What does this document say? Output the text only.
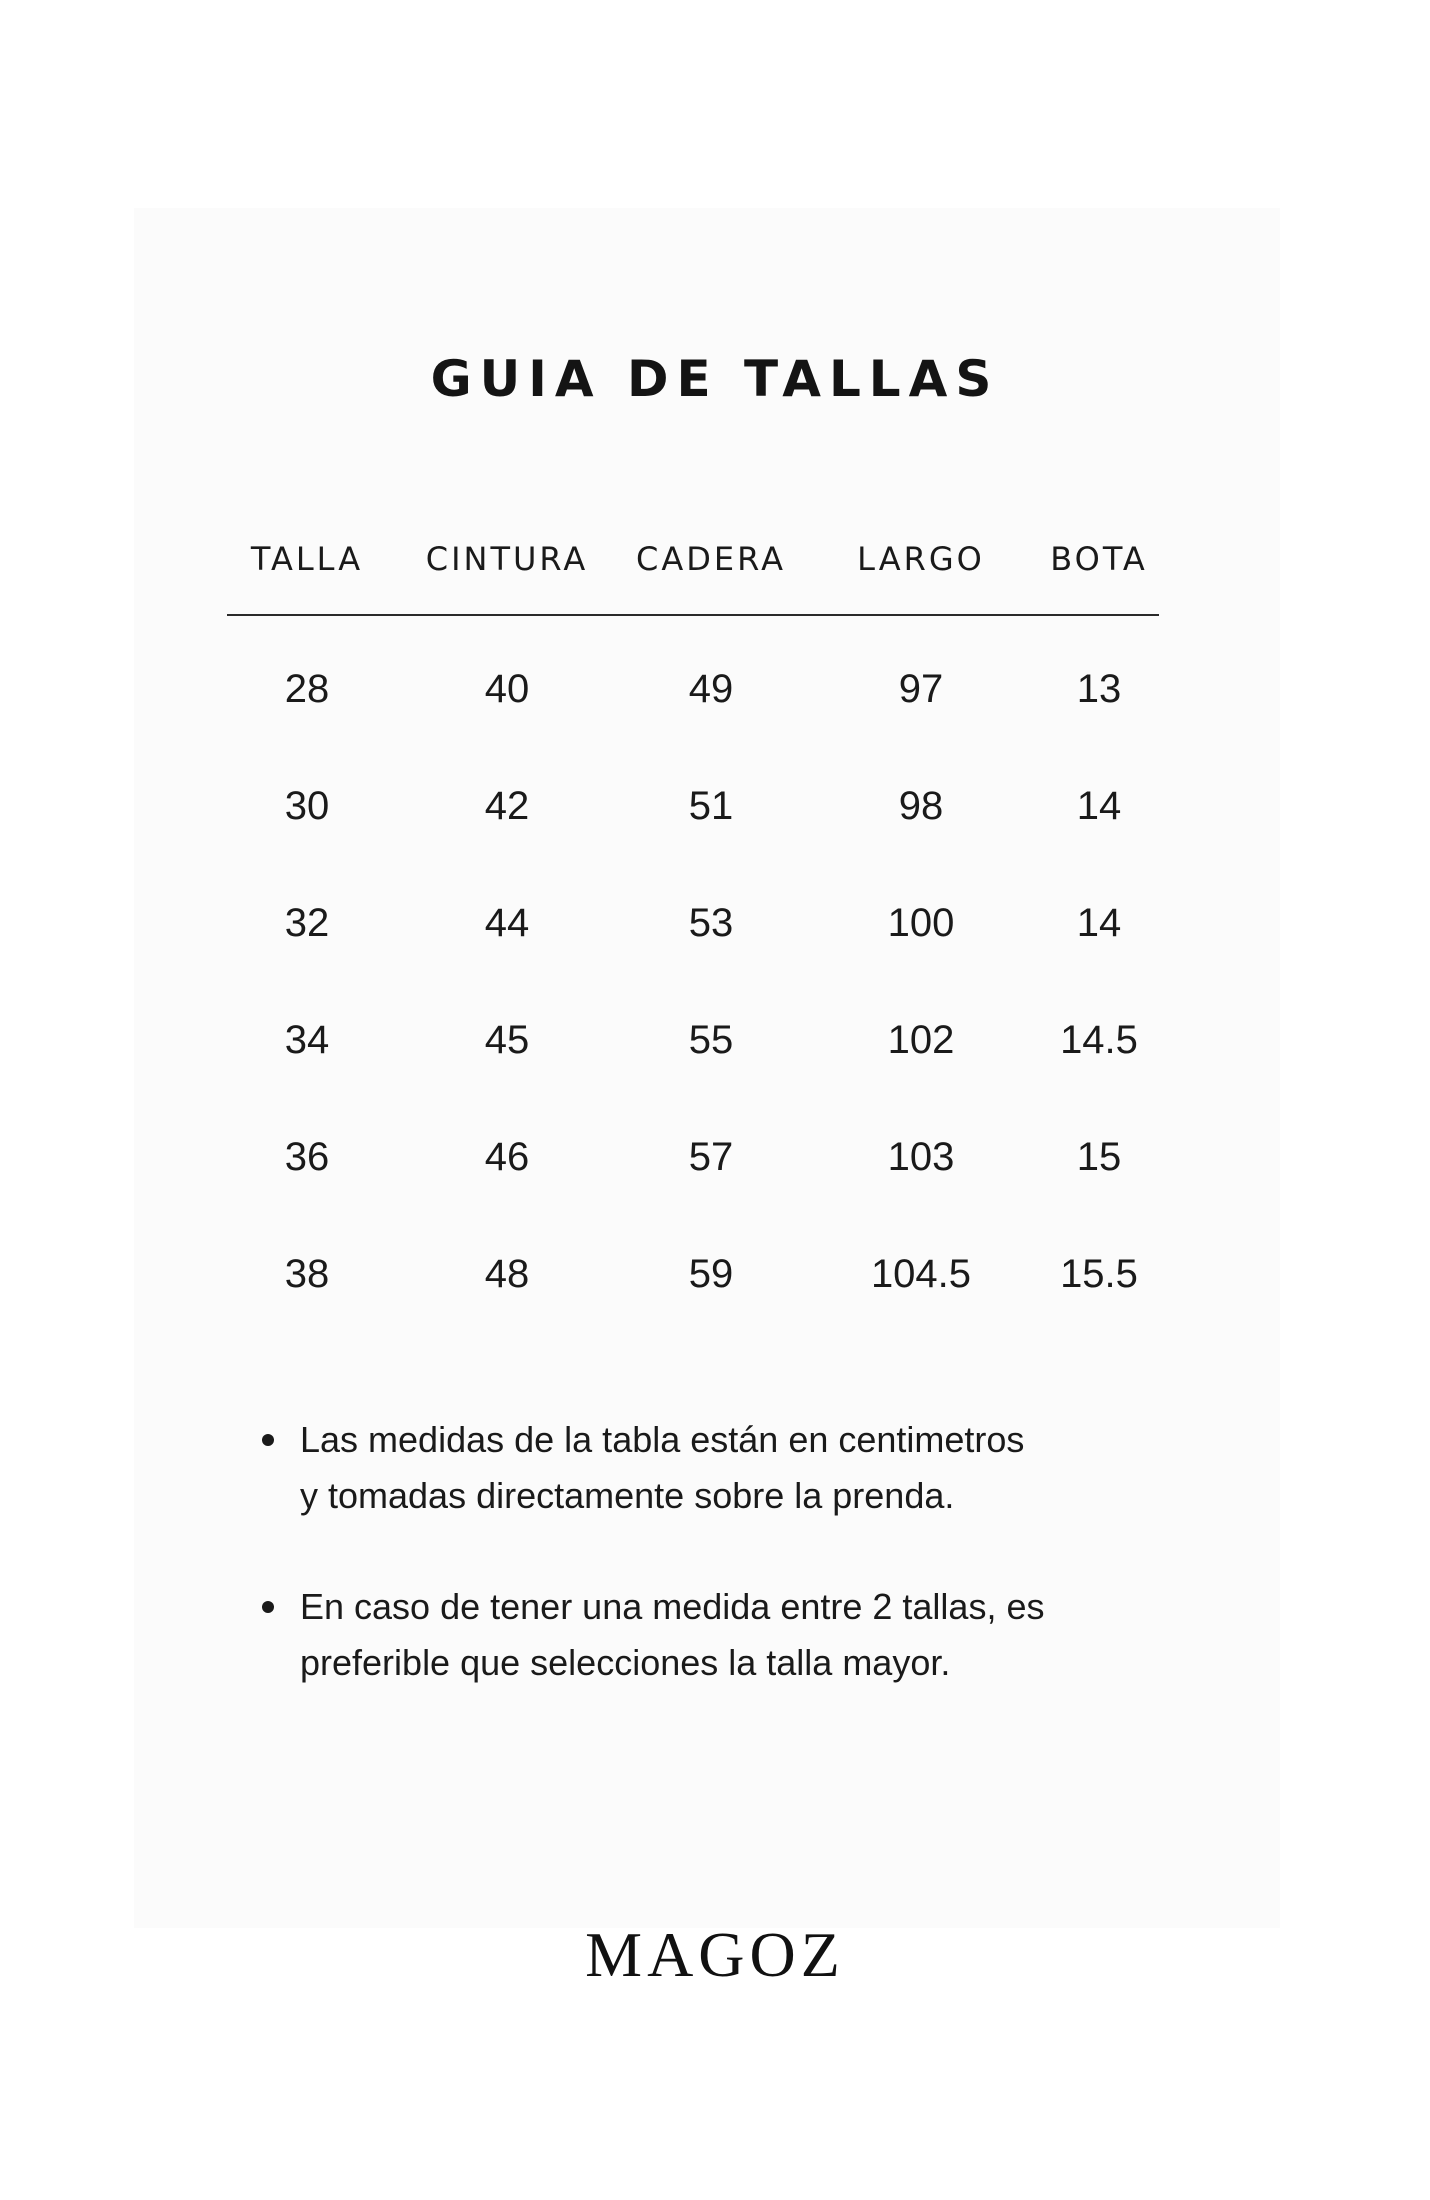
GUIA DE TALLAS
TALLA	CINTURA	CADERA	LARGO	BOTA
28	40	49	97	13
30	42	51	98	14
32	44	53	100	14
34	45	55	102	14.5
36	46	57	103	15
38	48	59	104.5	15.5
Las medidas de la tabla están en centimetros
y tomadas directamente sobre la prenda.
En caso de tener una medida entre 2 tallas, es
preferible que selecciones la talla mayor.
MAGOZ
